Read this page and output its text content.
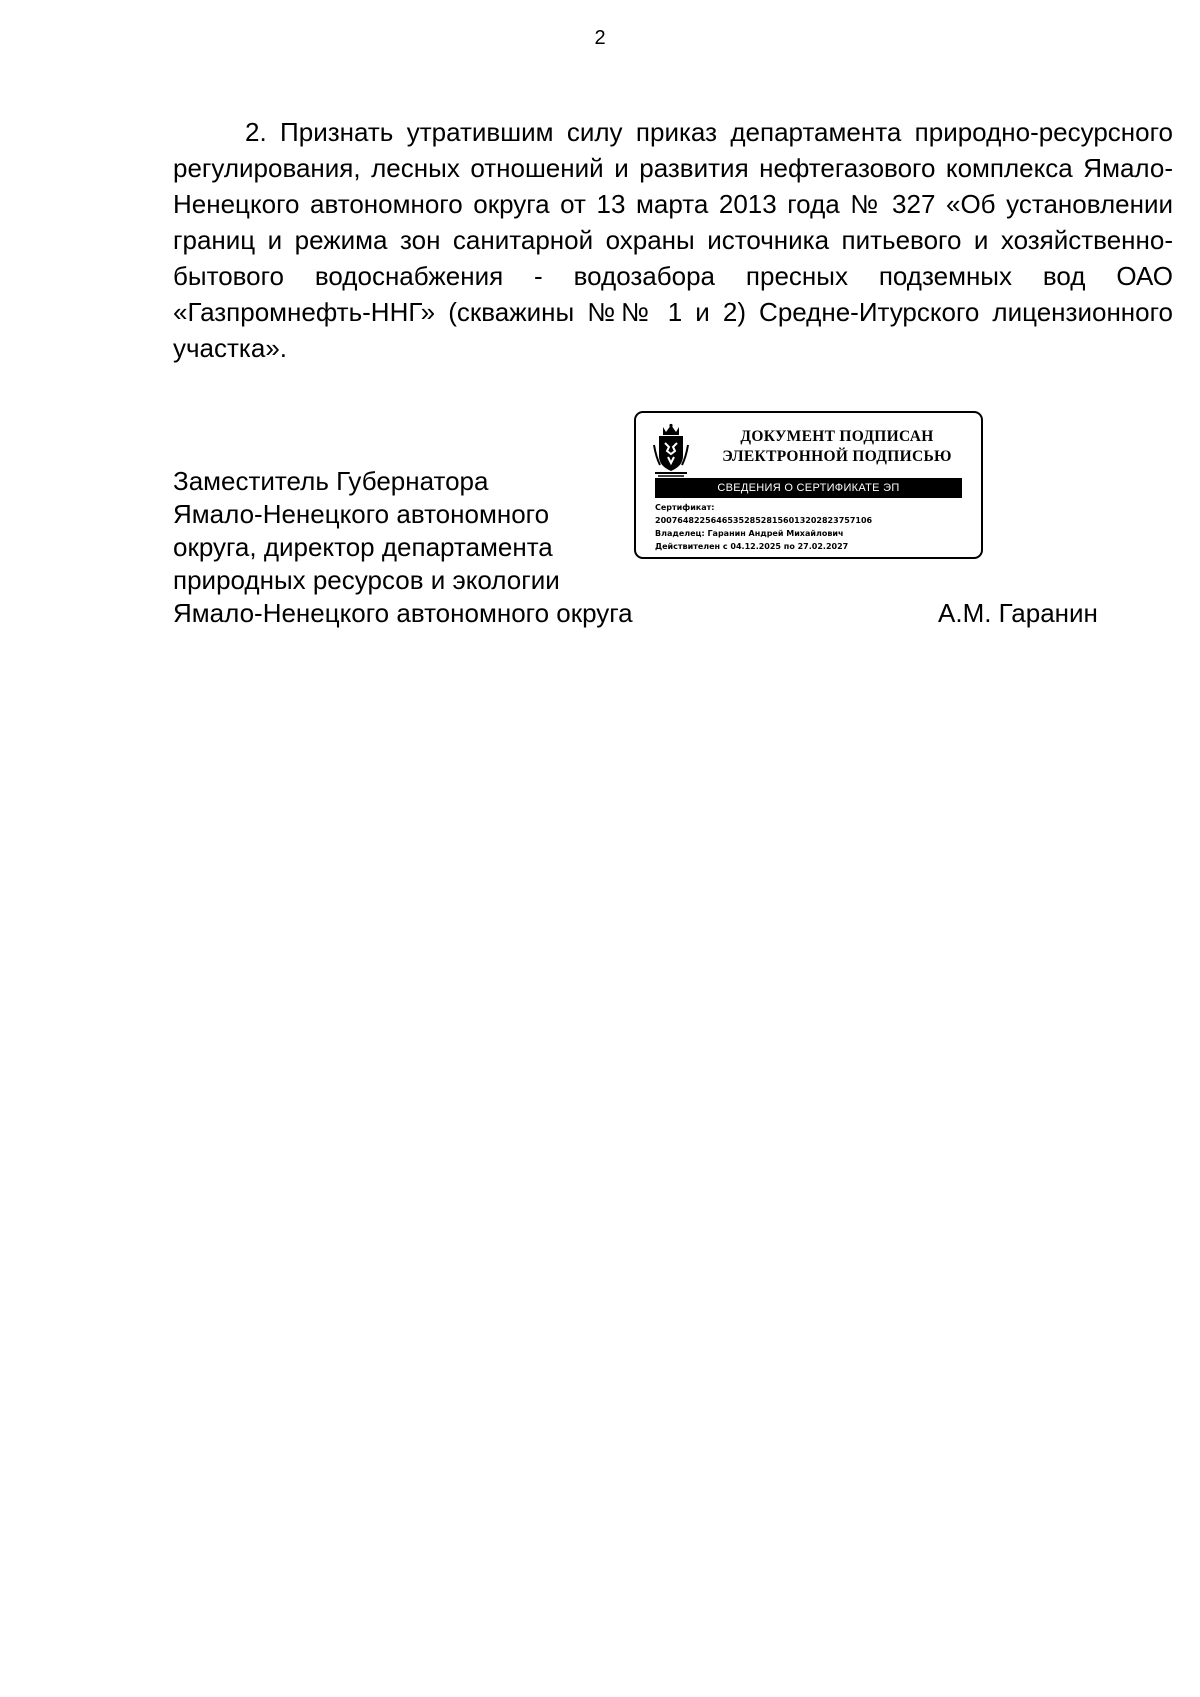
2

2. Признать утратившим силу приказ департамента природно-ресурсного регулирования, лесных отношений и развития нефтегазового комплекса Ямало-Ненецкого автономного округа от 13 марта 2013 года № 327 «Об установлении границ и режима зон санитарной охраны источника питьевого и хозяйственно-бытового водоснабжения - водозабора пресных подземных вод ОАО «Газпромнефть-ННГ» (скважины №№ 1 и 2) Средне-Итурского лицензионного участка».

Заместитель Губернатора
Ямало-Ненецкого автономного
округа, директор департамента
природных ресурсов и экологии
Ямало-Ненецкого автономного округа	А.М. Гаранин
ДОКУМЕНТ ПОДПИСАН
ЭЛЕКТРОННОЙ ПОДПИСЬЮ
СВЕДЕНИЯ О СЕРТИФИКАТЕ ЭП
Сертификат:
200764822564653528528156013202823757106
Владелец: Гаранин Андрей Михайлович
Действителен с 04.12.2025 по 27.02.2027
